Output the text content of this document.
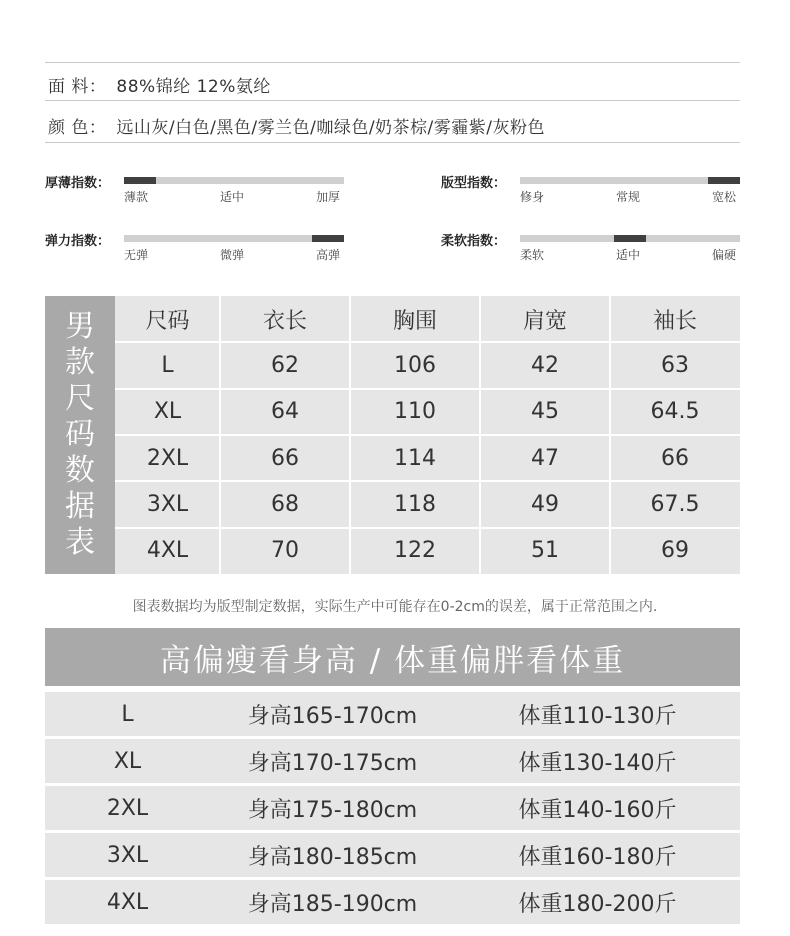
面 料： 88%锦纶 12%氨纶
颜 色： 远山灰/白色/黑色/雾兰色/咖绿色/奶茶棕/雾霾紫/灰粉色
厚薄指数：
薄款	适中	加厚
版型指数：
修身	常规	宽松
弹力指数：
无弹	微弹	高弹
柔软指数：
柔软	适中	偏硬
男款尺码数据表
尺码	衣长	胸围	肩宽	袖长
L	62	106	42	63
XL	64	110	45	64.5
2XL	66	114	47	66
3XL	68	118	49	67.5
4XL	70	122	51	69
图表数据均为版型制定数据，实际生产中可能存在0-2cm的误差，属于正常范围之内.
高偏瘦看身高 / 体重偏胖看体重
L	身高165-170cm	体重110-130斤
XL	身高170-175cm	体重130-140斤
2XL	身高175-180cm	体重140-160斤
3XL	身高180-185cm	体重160-180斤
4XL	身高185-190cm	体重180-200斤
